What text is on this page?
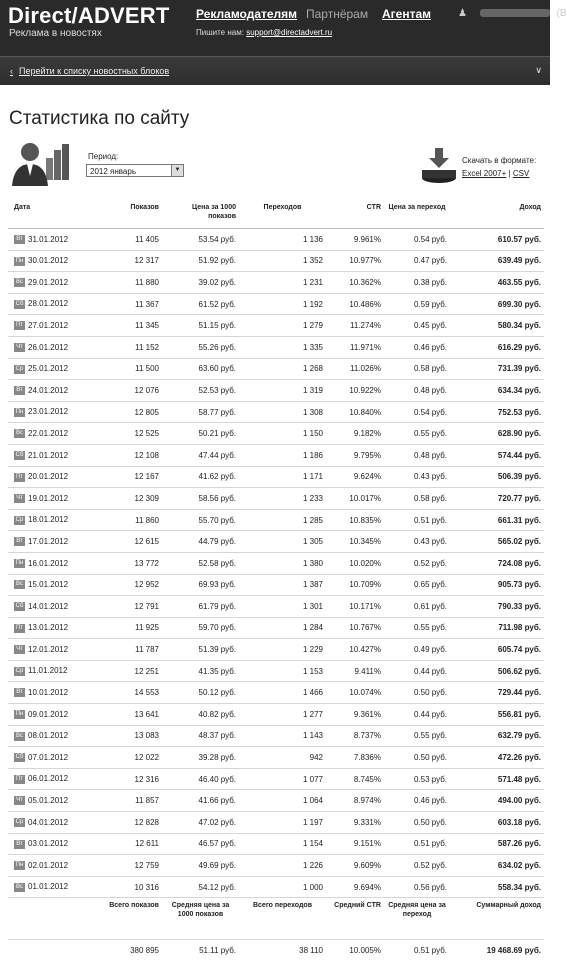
Direct/ADVERT
Реклама в новостях
Рекламодателям Партнёрам Агентам
Пишите нам: support@directadvert.ru
♟	(В
‹ Перейти к списку новостных блоков	∨
Статистика по сайту
Период:
2012 январь	▼
Скачать в формате:
Excel 2007+ | CSV
Дата	Показов	Цена за 1000 показов	Переходов	CTR	Цена за переход	Доход
Вт 31.01.2012	11 405	53.54 руб.	1 136	9.961%	0.54 руб.	610.57 руб.
Пн 30.01.2012	12 317	51.92 руб.	1 352	10.977%	0.47 руб.	639.49 руб.
Вс 29.01.2012	11 880	39.02 руб.	1 231	10.362%	0.38 руб.	463.55 руб.
Сб 28.01.2012	11 367	61.52 руб.	1 192	10.486%	0.59 руб.	699.30 руб.
Пт 27.01.2012	11 345	51.15 руб.	1 279	11.274%	0.45 руб.	580.34 руб.
Чт 26.01.2012	11 152	55.26 руб.	1 335	11.971%	0.46 руб.	616.29 руб.
Ср 25.01.2012	11 500	63.60 руб.	1 268	11.026%	0.58 руб.	731.39 руб.
Вт 24.01.2012	12 076	52.53 руб.	1 319	10.922%	0.48 руб.	634.34 руб.
Пн 23.01.2012	12 805	58.77 руб.	1 308	10.840%	0.54 руб.	752.53 руб.
Вс 22.01.2012	12 525	50.21 руб.	1 150	9.182%	0.55 руб.	628.90 руб.
Сб 21.01.2012	12 108	47.44 руб.	1 186	9.795%	0.48 руб.	574.44 руб.
Пт 20.01.2012	12 167	41.62 руб.	1 171	9.624%	0.43 руб.	506.39 руб.
Чт 19.01.2012	12 309	58.56 руб.	1 233	10.017%	0.58 руб.	720.77 руб.
Ср 18.01.2012	11 860	55.70 руб.	1 285	10.835%	0.51 руб.	661.31 руб.
Вт 17.01.2012	12 615	44.79 руб.	1 305	10.345%	0.43 руб.	565.02 руб.
Пн 16.01.2012	13 772	52.58 руб.	1 380	10.020%	0.52 руб.	724.08 руб.
Вс 15.01.2012	12 952	69.93 руб.	1 387	10.709%	0.65 руб.	905.73 руб.
Сб 14.01.2012	12 791	61.79 руб.	1 301	10.171%	0.61 руб.	790.33 руб.
Пт 13.01.2012	11 925	59.70 руб.	1 284	10.767%	0.55 руб.	711.98 руб.
Чт 12.01.2012	11 787	51.39 руб.	1 229	10.427%	0.49 руб.	605.74 руб.
Ср 11.01.2012	12 251	41.35 руб.	1 153	9.411%	0.44 руб.	506.62 руб.
Вт 10.01.2012	14 553	50.12 руб.	1 466	10.074%	0.50 руб.	729.44 руб.
Пн 09.01.2012	13 641	40.82 руб.	1 277	9.361%	0.44 руб.	556.81 руб.
Вс 08.01.2012	13 083	48.37 руб.	1 143	8.737%	0.55 руб.	632.79 руб.
Сб 07.01.2012	12 022	39.28 руб.	942	7.836%	0.50 руб.	472.26 руб.
Пт 06.01.2012	12 316	46.40 руб.	1 077	8.745%	0.53 руб.	571.48 руб.
Чт 05.01.2012	11 857	41.66 руб.	1 064	8.974%	0.46 руб.	494.00 руб.
Ср 04.01.2012	12 828	47.02 руб.	1 197	9.331%	0.50 руб.	603.18 руб.
Вт 03.01.2012	12 611	46.57 руб.	1 154	9.151%	0.51 руб.	587.26 руб.
Пн 02.01.2012	12 759	49.69 руб.	1 226	9.609%	0.52 руб.	634.02 руб.
Вс 01.01.2012	10 316	54.12 руб.	1 000	9.694%	0.56 руб.	558.34 руб.
	Всего показов	Средняя цена за 1000 показов	Всего переходов	Средний CTR	Средняя цена за переход	Суммарный доход
	380 895	51.11 руб.	38 110	10.005%	0.51 руб.	19 468.69 руб.
